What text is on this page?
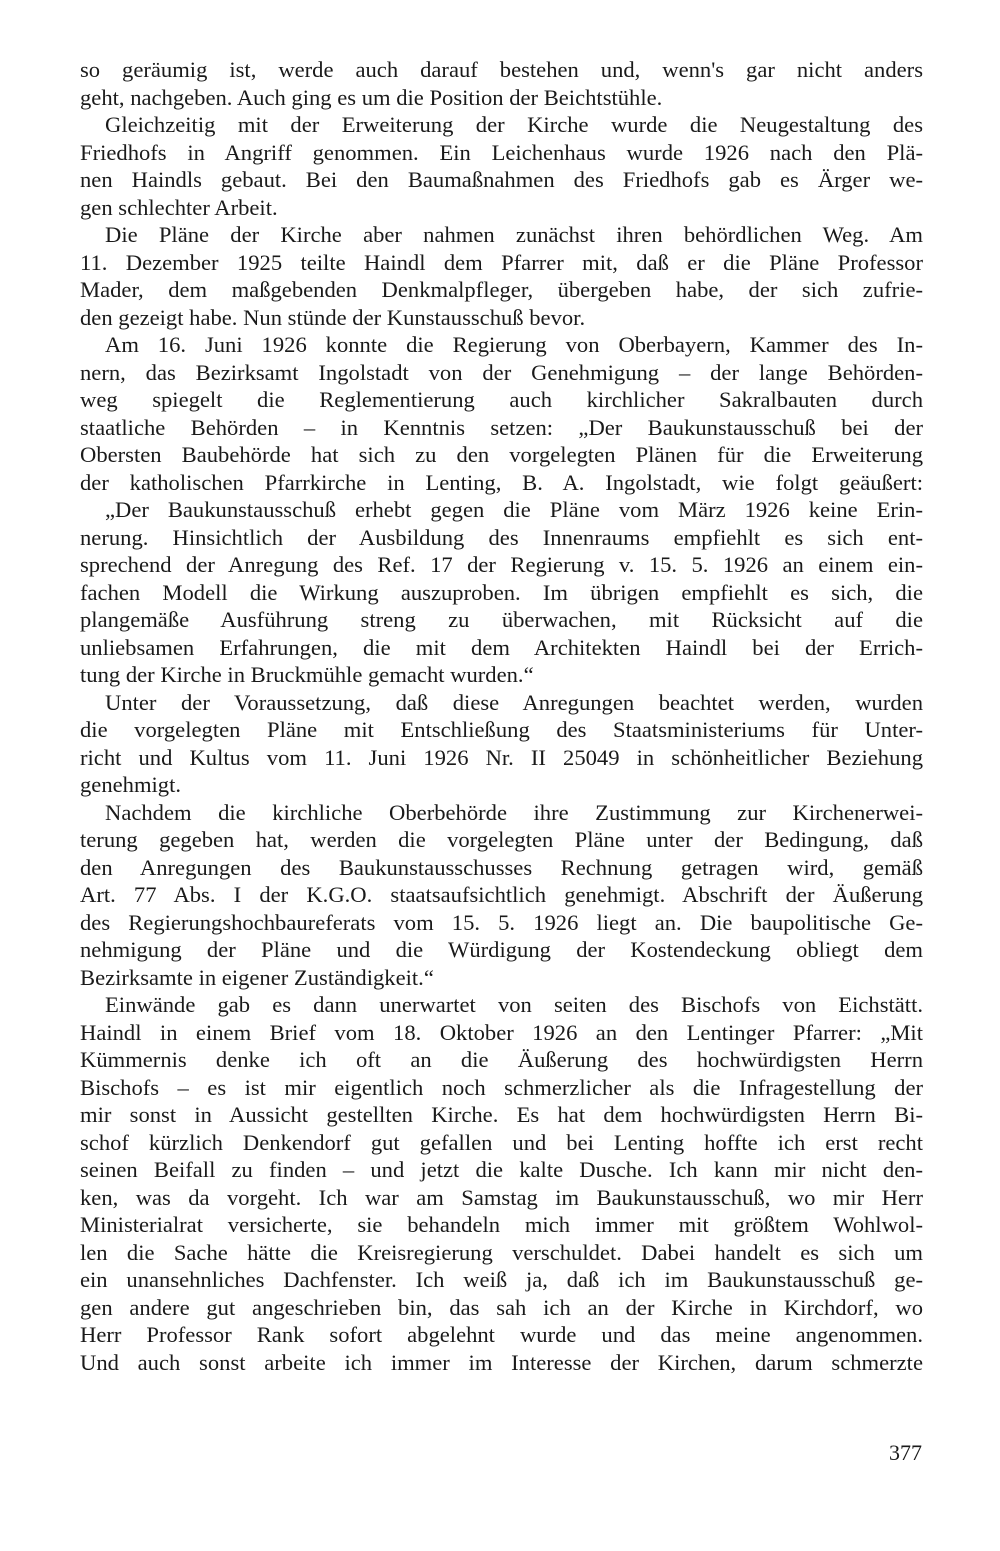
so geräumig ist, werde auch darauf bestehen und, wenn's gar nicht anders
geht, nachgeben. Auch ging es um die Position der Beichtstühle.
Gleichzeitig mit der Erweiterung der Kirche wurde die Neugestaltung des
Friedhofs in Angriff genommen. Ein Leichenhaus wurde 1926 nach den Plä-
nen Haindls gebaut. Bei den Baumaßnahmen des Friedhofs gab es Ärger we-
gen schlechter Arbeit.
Die Pläne der Kirche aber nahmen zunächst ihren behördlichen Weg. Am
11. Dezember 1925 teilte Haindl dem Pfarrer mit, daß er die Pläne Professor
Mader, dem maßgebenden Denkmalpfleger, übergeben habe, der sich zufrie-
den gezeigt habe. Nun stünde der Kunstausschuß bevor.
Am 16. Juni 1926 konnte die Regierung von Oberbayern, Kammer des In-
nern, das Bezirksamt Ingolstadt von der Genehmigung – der lange Behörden-
weg spiegelt die Reglementierung auch kirchlicher Sakralbauten durch
staatliche Behörden – in Kenntnis setzen: „Der Baukunstausschuß bei der
Obersten Baubehörde hat sich zu den vorgelegten Plänen für die Erweiterung
der katholischen Pfarrkirche in Lenting, B. A. Ingolstadt, wie folgt geäußert:
„Der Baukunstausschuß erhebt gegen die Pläne vom März 1926 keine Erin-
nerung. Hinsichtlich der Ausbildung des Innenraums empfiehlt es sich ent-
sprechend der Anregung des Ref. 17 der Regierung v. 15. 5. 1926 an einem ein-
fachen Modell die Wirkung auszuproben. Im übrigen empfiehlt es sich, die
plangemäße Ausführung streng zu überwachen, mit Rücksicht auf die
unliebsamen Erfahrungen, die mit dem Architekten Haindl bei der Errich-
tung der Kirche in Bruckmühle gemacht wurden.“
Unter der Voraussetzung, daß diese Anregungen beachtet werden, wurden
die vorgelegten Pläne mit Entschließung des Staatsministeriums für Unter-
richt und Kultus vom 11. Juni 1926 Nr. II 25049 in schönheitlicher Beziehung
genehmigt.
Nachdem die kirchliche Oberbehörde ihre Zustimmung zur Kirchenerwei-
terung gegeben hat, werden die vorgelegten Pläne unter der Bedingung, daß
den Anregungen des Baukunstausschusses Rechnung getragen wird, gemäß
Art. 77 Abs. I der K.G.O. staatsaufsichtlich genehmigt. Abschrift der Äußerung
des Regierungshochbaureferats vom 15. 5. 1926 liegt an. Die baupolitische Ge-
nehmigung der Pläne und die Würdigung der Kostendeckung obliegt dem
Bezirksamte in eigener Zuständigkeit.“
Einwände gab es dann unerwartet von seiten des Bischofs von Eichstätt.
Haindl in einem Brief vom 18. Oktober 1926 an den Lentinger Pfarrer: „Mit
Kümmernis denke ich oft an die Äußerung des hochwürdigsten Herrn
Bischofs – es ist mir eigentlich noch schmerzlicher als die Infragestellung der
mir sonst in Aussicht gestellten Kirche. Es hat dem hochwürdigsten Herrn Bi-
schof kürzlich Denkendorf gut gefallen und bei Lenting hoffte ich erst recht
seinen Beifall zu finden – und jetzt die kalte Dusche. Ich kann mir nicht den-
ken, was da vorgeht. Ich war am Samstag im Baukunstausschuß, wo mir Herr
Ministerialrat versicherte, sie behandeln mich immer mit größtem Wohlwol-
len die Sache hätte die Kreisregierung verschuldet. Dabei handelt es sich um
ein unansehnliches Dachfenster. Ich weiß ja, daß ich im Baukunstausschuß ge-
gen andere gut angeschrieben bin, das sah ich an der Kirche in Kirchdorf, wo
Herr Professor Rank sofort abgelehnt wurde und das meine angenommen.
Und auch sonst arbeite ich immer im Interesse der Kirchen, darum schmerzte
377
